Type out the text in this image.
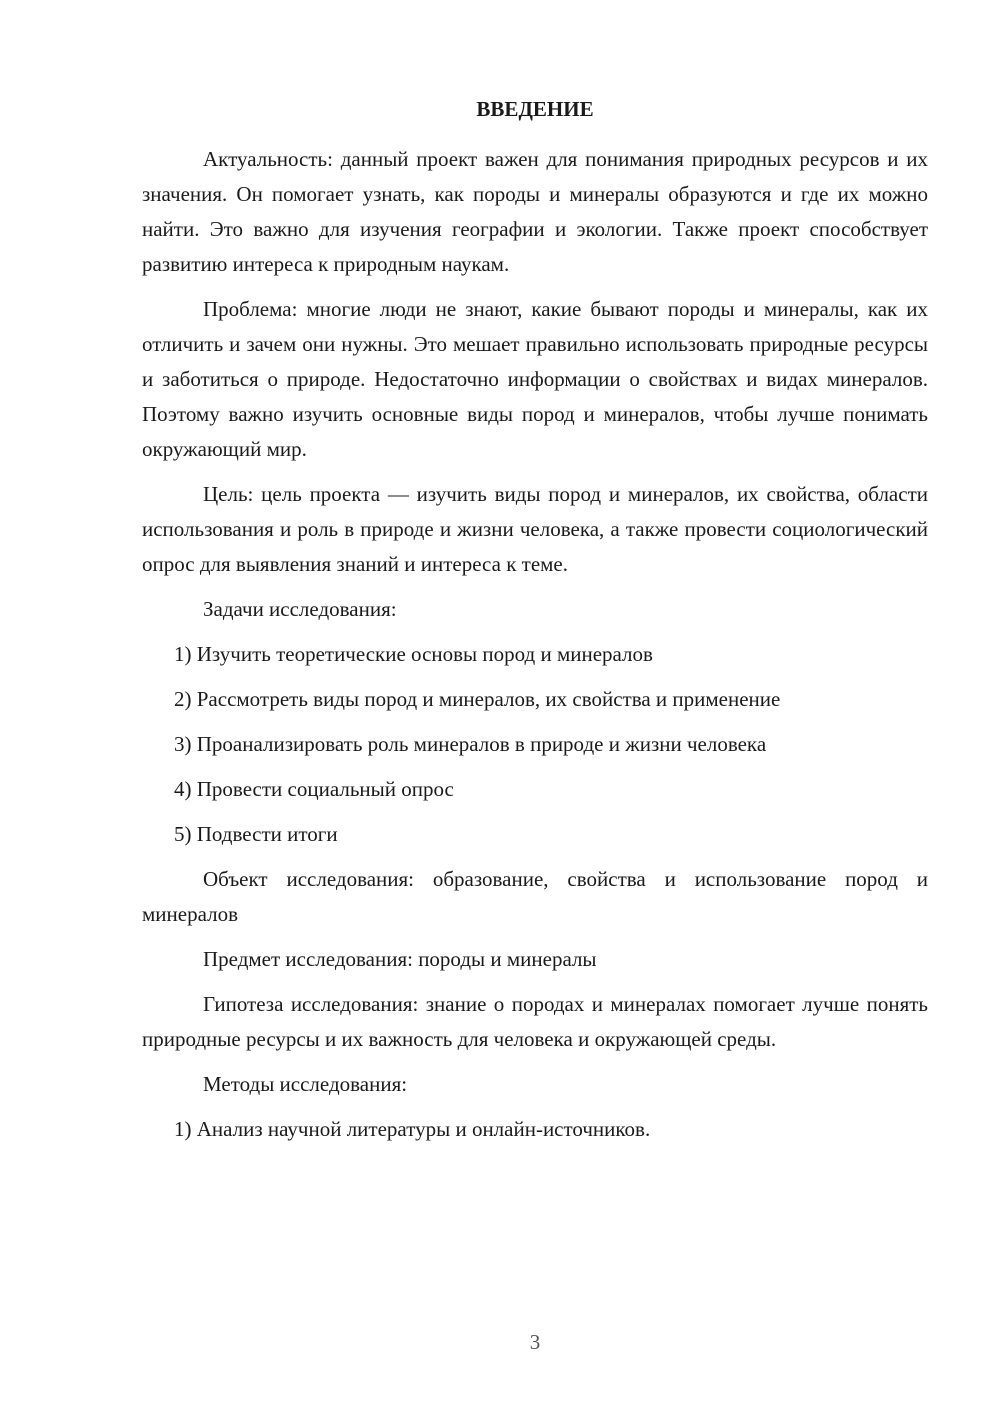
ВВЕДЕНИЕ

Актуальность: данный проект важен для понимания природных ресурсов и их значения. Он помогает узнать, как породы и минералы образуются и где их можно найти. Это важно для изучения географии и экологии. Также проект способствует развитию интереса к природным наукам.

Проблема: многие люди не знают, какие бывают породы и минералы, как их отличить и зачем они нужны. Это мешает правильно использовать природные ресурсы и заботиться о природе. Недостаточно информации о свойствах и видах минералов. Поэтому важно изучить основные виды пород и минералов, чтобы лучше понимать окружающий мир.

Цель: цель проекта — изучить виды пород и минералов, их свойства, области использования и роль в природе и жизни человека, а также провести социологический опрос для выявления знаний и интереса к теме.

Задачи исследования:

1) Изучить теоретические основы пород и минералов

2) Рассмотреть виды пород и минералов, их свойства и применение

3) Проанализировать роль минералов в природе и жизни человека

4) Провести социальный опрос

5) Подвести итоги

Объект исследования: образование, свойства и использование пород и минералов

Предмет исследования: породы и минералы

Гипотеза исследования: знание о породах и минералах помогает лучше понять природные ресурсы и их важность для человека и окружающей среды.

Методы исследования:

1) Анализ научной литературы и онлайн-источников.

3
